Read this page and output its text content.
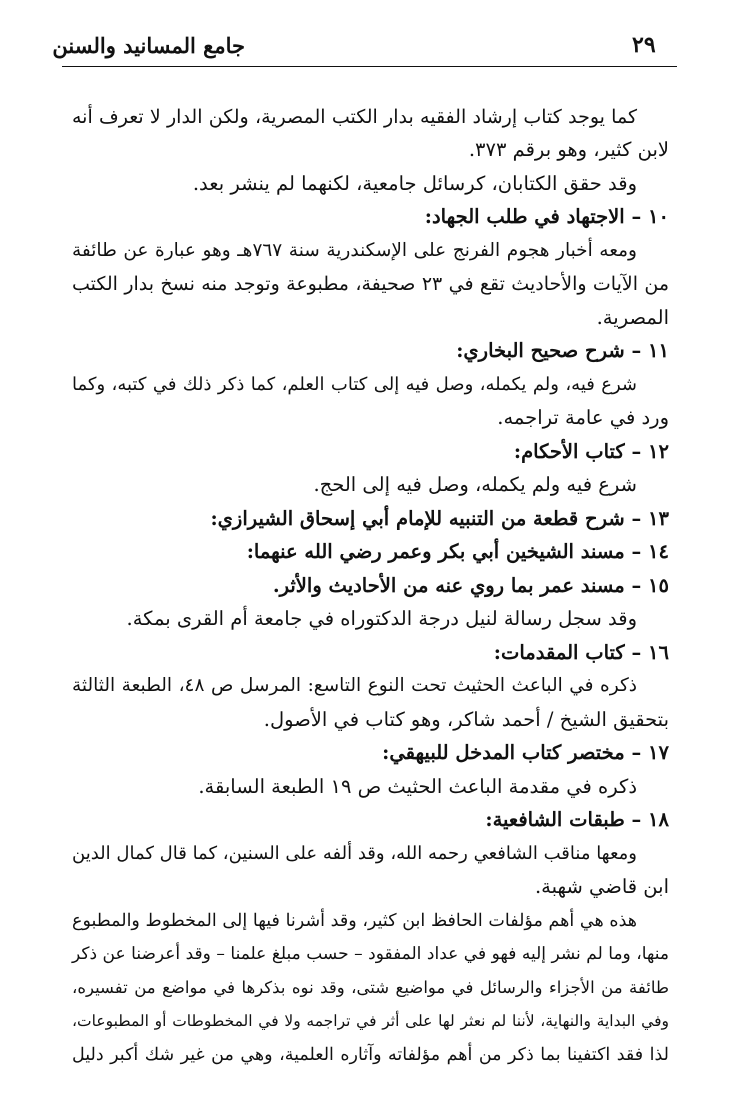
جامع المسانيد والسنن	٢٩
كما يوجد كتاب إرشاد الفقيه بدار الكتب المصرية، ولكن الدار لا تعرف أنه
لابن كثير، وهو برقم ٣٧٣.
وقد حقق الكتابان، كرسائل جامعية، لكنهما لم ينشر بعد.
١٠ – الاجتهاد في طلب الجهاد:
ومعه أخبار هجوم الفرنج على الإسكندرية سنة ٧٦٧هـ وهو عبارة عن طائفة
من الآيات والأحاديث تقع في ٢٣ صحيفة، مطبوعة وتوجد منه نسخ بدار الكتب
المصرية.
١١ – شرح صحيح البخاري:
شرع فيه، ولم يكمله، وصل فيه إلى كتاب العلم، كما ذكر ذلك في كتبه، وكما
ورد في عامة تراجمه.
١٢ – كتاب الأحكام:
شرع فيه ولم يكمله، وصل فيه إلى الحج.
١٣ – شرح قطعة من التنبيه للإمام أبي إسحاق الشيرازي:
١٤ – مسند الشيخين أبي بكر وعمر رضي الله عنهما:
١٥ – مسند عمر بما روي عنه من الأحاديث والأثر.
وقد سجل رسالة لنيل درجة الدكتوراه في جامعة أم القرى بمكة.
١٦ – كتاب المقدمات:
ذكره في الباعث الحثيث تحت النوع التاسع: المرسل ص ٤٨، الطبعة الثالثة
بتحقيق الشيخ / أحمد شاكر، وهو كتاب في الأصول.
١٧ – مختصر كتاب المدخل للبيهقي:
ذكره في مقدمة الباعث الحثيث ص ١٩ الطبعة السابقة.
١٨ – طبقات الشافعية:
ومعها مناقب الشافعي رحمه الله، وقد ألفه على السنين، كما قال كمال الدين
ابن قاضي شهبة.
هذه هي أهم مؤلفات الحافظ ابن كثير، وقد أشرنا فيها إلى المخطوط والمطبوع
منها، وما لم نشر إليه فهو في عداد المفقود – حسب مبلغ علمنا – وقد أعرضنا عن ذكر
طائفة من الأجزاء والرسائل في مواضيع شتى، وقد نوه بذكرها في مواضع من تفسيره،
وفي البداية والنهاية، لأننا لم نعثر لها على أثر في تراجمه ولا في المخطوطات أو المطبوعات،
لذا فقد اكتفينا بما ذكر من أهم مؤلفاته وآثاره العلمية، وهي من غير شك أكبر دليل
